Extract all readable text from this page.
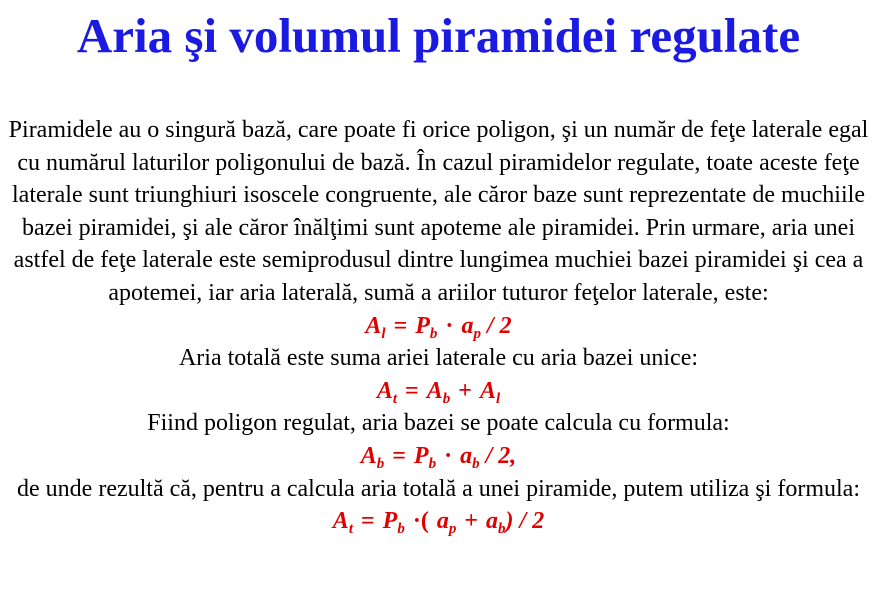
Aria şi volumul piramidei regulate
Piramidele au o singură bază, care poate fi orice poligon, şi un număr de feţe laterale egal cu numărul laturilor poligonului de bază. În cazul piramidelor regulate, toate aceste feţe laterale sunt triunghiuri isoscele congruente, ale căror baze sunt reprezentate de muchiile bazei piramidei, şi ale căror înălţimi sunt apoteme ale piramidei. Prin urmare, aria unei astfel de feţe laterale este semiprodusul dintre lungimea muchiei bazei piramidei şi cea a apotemei, iar aria laterală, sumă a ariilor tuturor feţelor laterale, este:
$A_l = P_b \cdot a_p / 2$
Aria totală este suma ariei laterale cu aria bazei unice:
$A_t = A_b + A_l$
Fiind poligon regulat, aria bazei se poate calcula cu formula:
$A_b = P_b \cdot a_b / 2$,
de unde rezultă că, pentru a calcula aria totală a unei piramide, putem utiliza şi formula:
$A_t = P_b$ ·( $a_p + a_b) / 2$
